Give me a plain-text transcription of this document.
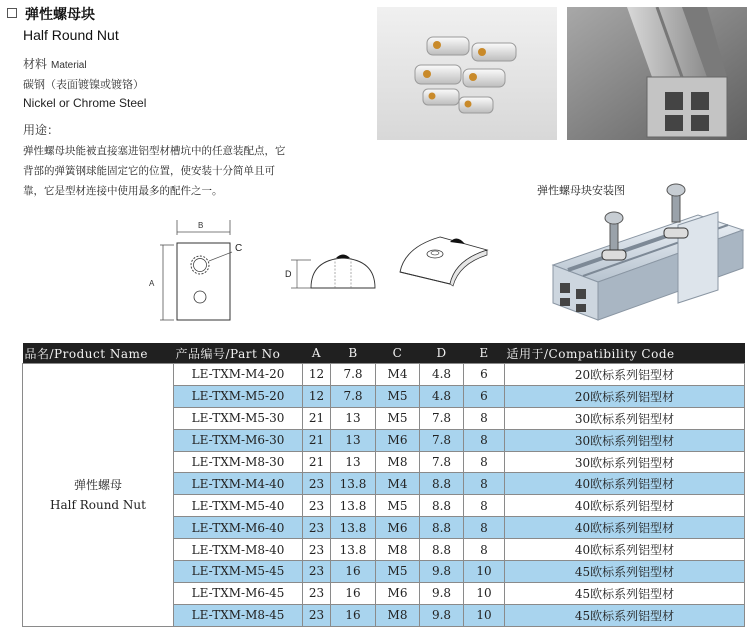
弹性螺母块
Half Round Nut
材料 Material
碳钢（表面镀镍或镀铬）
Nickel or Chrome Steel
用途：
弹性螺母块能被直接塞进铝型材槽坑中的任意装配点，它背部的弹簧钢球能固定它的位置，使安装十分简单且可靠，它是型材连接中使用最多的配件之一。	弹性螺母块安装图
B
A
C
D
品名/Product Name	产品编号/Part No	A	B	C	D	E	适用于/Compatibility Code

弹性螺母
Half Round Nut	LE-TXM-M4-20	12	7.8	M4	4.8	6	20欧标系列铝型材
	LE-TXM-M5-20	12	7.8	M5	4.8	6	20欧标系列铝型材
	LE-TXM-M5-30	21	13	M5	7.8	8	30欧标系列铝型材
	LE-TXM-M6-30	21	13	M6	7.8	8	30欧标系列铝型材
	LE-TXM-M8-30	21	13	M8	7.8	8	30欧标系列铝型材
	LE-TXM-M4-40	23	13.8	M4	8.8	8	40欧标系列铝型材
	LE-TXM-M5-40	23	13.8	M5	8.8	8	40欧标系列铝型材
	LE-TXM-M6-40	23	13.8	M6	8.8	8	40欧标系列铝型材
	LE-TXM-M8-40	23	13.8	M8	8.8	8	40欧标系列铝型材
	LE-TXM-M5-45	23	16	M5	9.8	10	45欧标系列铝型材
	LE-TXM-M6-45	23	16	M6	9.8	10	45欧标系列铝型材
	LE-TXM-M8-45	23	16	M8	9.8	10	45欧标系列铝型材
